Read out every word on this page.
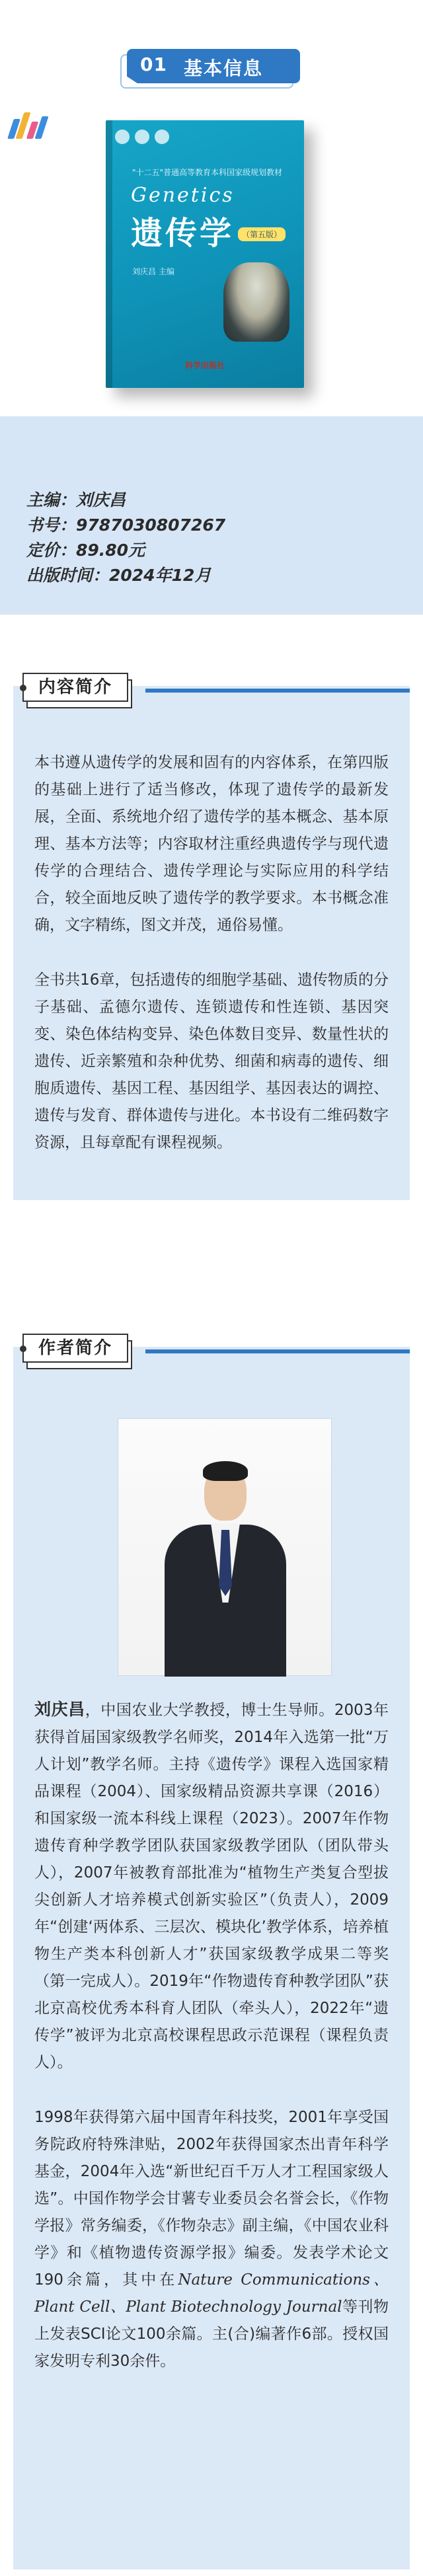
01 基本信息
"十二五"普通高等教育本科国家级规划教材
Genetics
遗传学 （第五版）
刘庆昌 主编
科学出版社
主编：刘庆昌
书号：9787030807267
定价：89.80元
出版时间：2024年12月
内容简介

本书遵从遗传学的发展和固有的内容体系，在第四版的基础上进行了适当修改，体现了遗传学的最新发展，全面、系统地介绍了遗传学的基本概念、基本原理、基本方法等；内容取材注重经典遗传学与现代遗传学的合理结合、遗传学理论与实际应用的科学结合，较全面地反映了遗传学的教学要求。本书概念准确，文字精练，图文并茂，通俗易懂。

全书共16章，包括遗传的细胞学基础、遗传物质的分子基础、孟德尔遗传、连锁遗传和性连锁、基因突变、染色体结构变异、染色体数目变异、数量性状的遗传、近亲繁殖和杂种优势、细菌和病毒的遗传、细胞质遗传、基因工程、基因组学、基因表达的调控、遗传与发育、群体遗传与进化。本书设有二维码数字资源，且每章配有课程视频。

作者简介

刘庆昌，中国农业大学教授，博士生导师。2003年获得首届国家级教学名师奖，2014年入选第一批“万人计划”教学名师。主持《遗传学》课程入选国家精品课程（2004）、国家级精品资源共享课（2016）和国家级一流本科线上课程（2023）。2007年作物遗传育种学教学团队获国家级教学团队（团队带头人），2007年被教育部批准为“植物生产类复合型拔尖创新人才培养模式创新实验区”（负责人），2009年“创建‘两体系、三层次、模块化’教学体系，培养植物生产类本科创新人才”获国家级教学成果二等奖（第一完成人）。2019年“作物遗传育种教学团队”获北京高校优秀本科育人团队（牵头人），2022年“遗传学”被评为北京高校课程思政示范课程（课程负责人）。

1998年获得第六届中国青年科技奖，2001年享受国务院政府特殊津贴，2002年获得国家杰出青年科学基金，2004年入选“新世纪百千万人才工程国家级人选”。中国作物学会甘薯专业委员会名誉会长，《作物学报》常务编委，《作物杂志》副主编，《中国农业科学》和《植物遗传资源学报》编委。发表学术论文190余篇，其中在Nature Communications、Plant Cell、Plant Biotechnology Journal等刊物上发表SCI论文100余篇。主(合)编著作6部。授权国家发明专利30余件。
